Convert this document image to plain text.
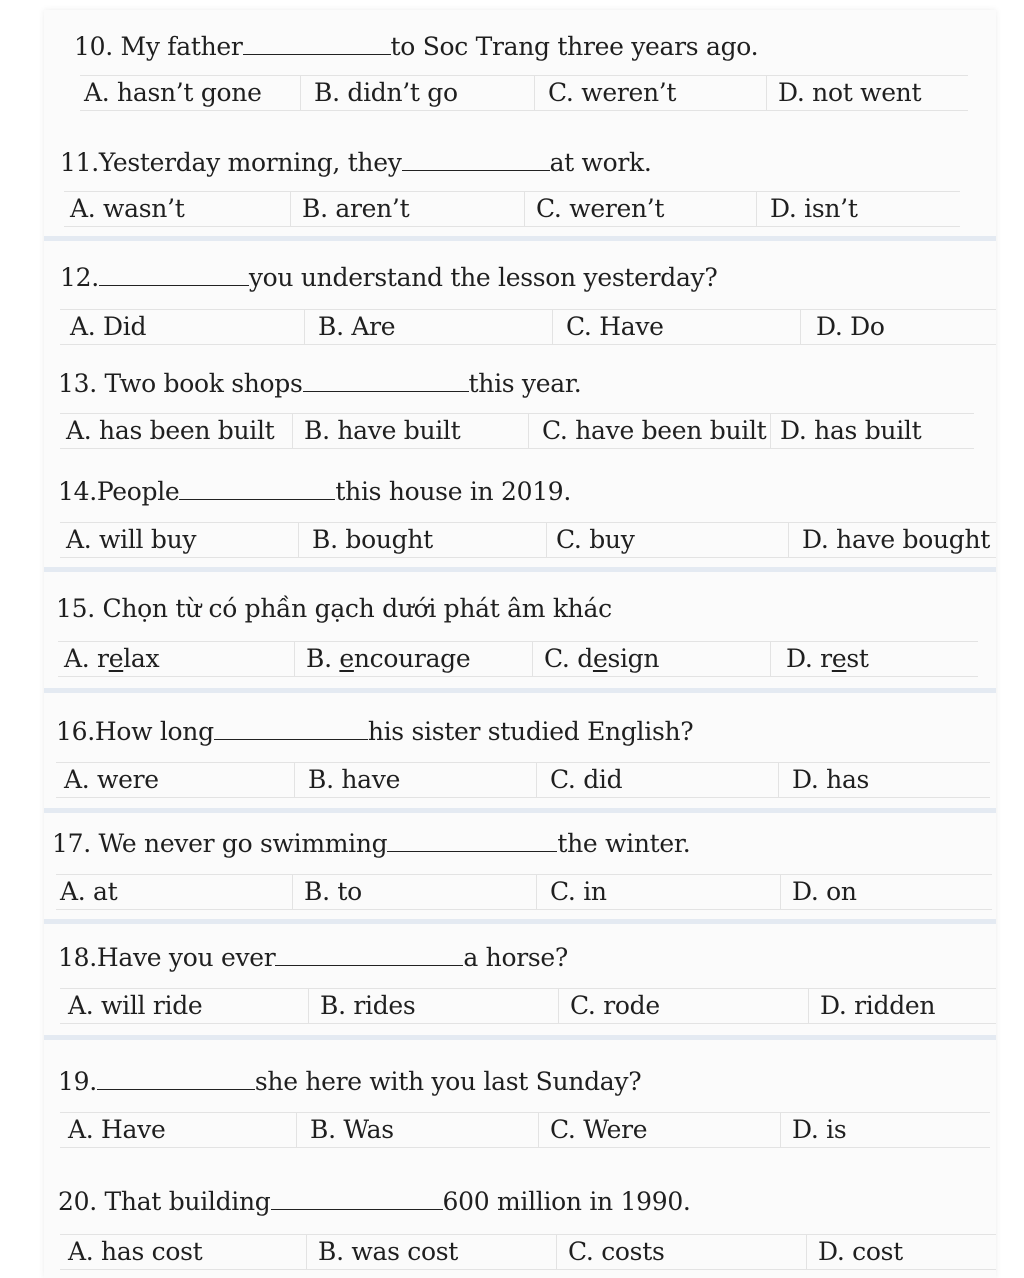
10. My father	to Soc Trang three years ago.
A. hasn’t gone B. didn’t go	C. weren’t	D. not went
11.Yesterday morning, they	at work.
A. wasn’t	B. aren’t	C. weren’t	D. isn’t
12.	you understand the lesson yesterday?
A. Did	B. Are	C. Have	D. Do
13. Two book shops	this year.
A. has been built B. have built	C. have been built D. has built
14.People	this house in 2019.
A. will buy	B. bought	C. buy	D. have bought
15. Chọn từ có phần gạch dưới phát âm khác
A. relax	B. encourage	C. design	D. rest
16.How long	his sister studied English?
A. were	B. have	C. did	D. has
17. We never go swimming	the winter.
A. at	B. to	C. in	D. on
18.Have you ever	a horse?
A. will ride	B. rides	C. rode	D. ridden
19.	she here with you last Sunday?
A. Have	B. Was	C. Were	D. is
20. That building	600 million in 1990.
A. has cost	B. was cost	C. costs	D. cost
